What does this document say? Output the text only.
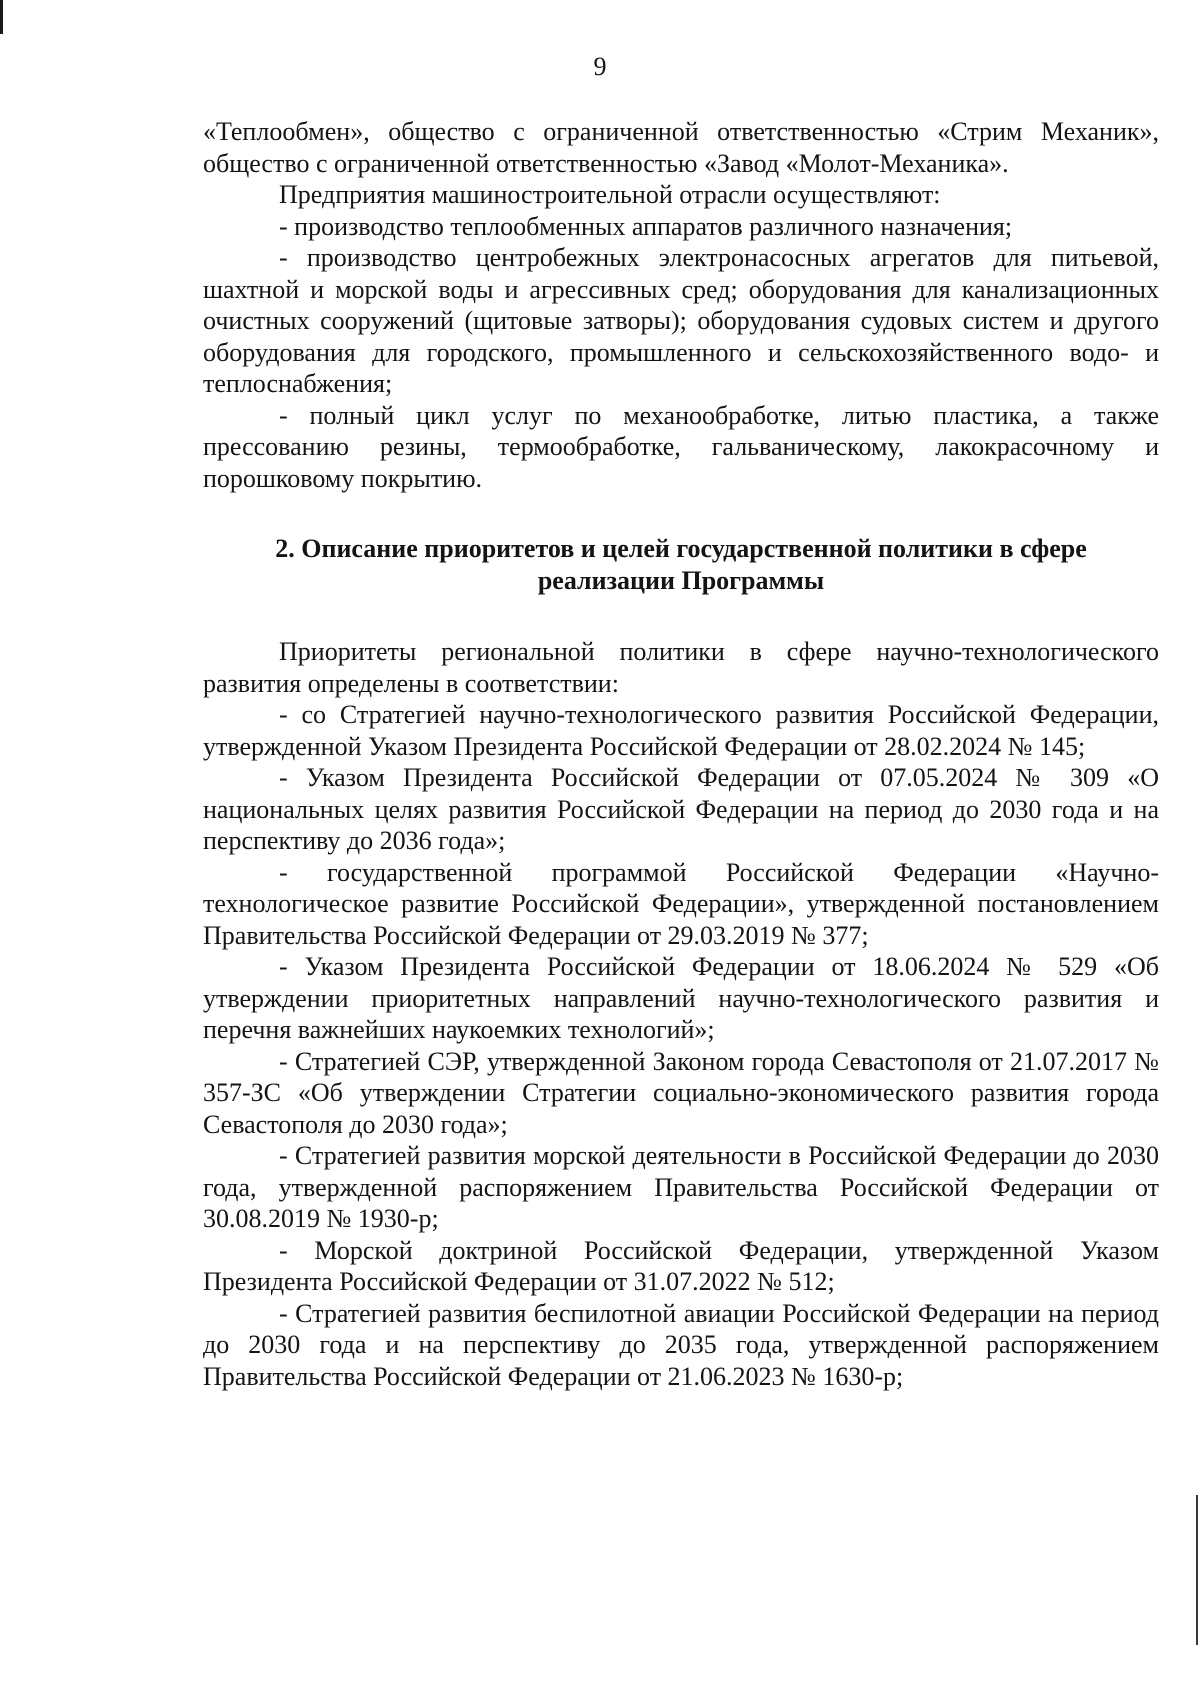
9

«Теплообмен», общество с ограниченной ответственностью «Стрим Механик», общество с ограниченной ответственностью «Завод «Молот-Механика».

Предприятия машиностроительной отрасли осуществляют:

- производство теплообменных аппаратов различного назначения;

- производство центробежных электронасосных агрегатов для питьевой, шахтной и морской воды и агрессивных сред; оборудования для канализационных очистных сооружений (щитовые затворы); оборудования судовых систем и другого оборудования для городского, промышленного и сельскохозяйственного водо- и теплоснабжения;

- полный цикл услуг по механообработке, литью пластика, а также прессованию резины, термообработке, гальваническому, лакокрасочному и порошковому покрытию.

2. Описание приоритетов и целей государственной политики в сфере

реализации Программы

Приоритеты региональной политики в сфере научно-технологического развития определены в соответствии:

- со Стратегией научно-технологического развития Российской Федерации, утвержденной Указом Президента Российской Федерации от 28.02.2024 № 145;

- Указом Президента Российской Федерации от 07.05.2024 № 309 «О национальных целях развития Российской Федерации на период до 2030 года и на перспективу до 2036 года»;

- государственной программой Российской Федерации «Научно-технологическое развитие Российской Федерации», утвержденной постановлением Правительства Российской Федерации от 29.03.2019 № 377;

- Указом Президента Российской Федерации от 18.06.2024 № 529 «Об утверждении приоритетных направлений научно-технологического развития и перечня важнейших наукоемких технологий»;

- Стратегией СЭР, утвержденной Законом города Севастополя от 21.07.2017 № 357-ЗС «Об утверждении Стратегии социально-экономического развития города Севастополя до 2030 года»;

- Стратегией развития морской деятельности в Российской Федерации до 2030 года, утвержденной распоряжением Правительства Российской Федерации от 30.08.2019 № 1930-р;

- Морской доктриной Российской Федерации, утвержденной Указом Президента Российской Федерации от 31.07.2022 № 512;

- Стратегией развития беспилотной авиации Российской Федерации на период до 2030 года и на перспективу до 2035 года, утвержденной распоряжением Правительства Российской Федерации от 21.06.2023 № 1630-р;
